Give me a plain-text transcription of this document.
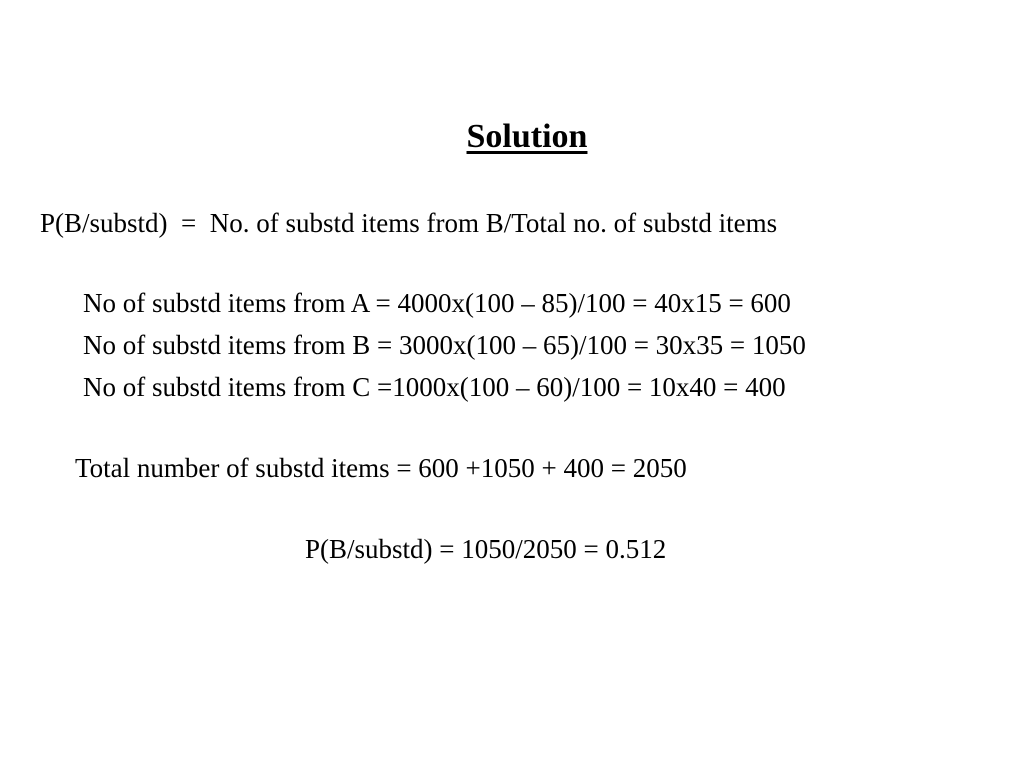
Solution
P(B/substd)  =  No. of substd items from B/Total no. of substd items
No of substd items from A = 4000x(100 – 85)/100 = 40x15 = 600
No of substd items from B = 3000x(100 – 65)/100 = 30x35 = 1050
No of substd items from C =1000x(100 – 60)/100 = 10x40 = 400
Total number of substd items = 600 +1050 + 400 = 2050
P(B/substd) = 1050/2050 = 0.512
